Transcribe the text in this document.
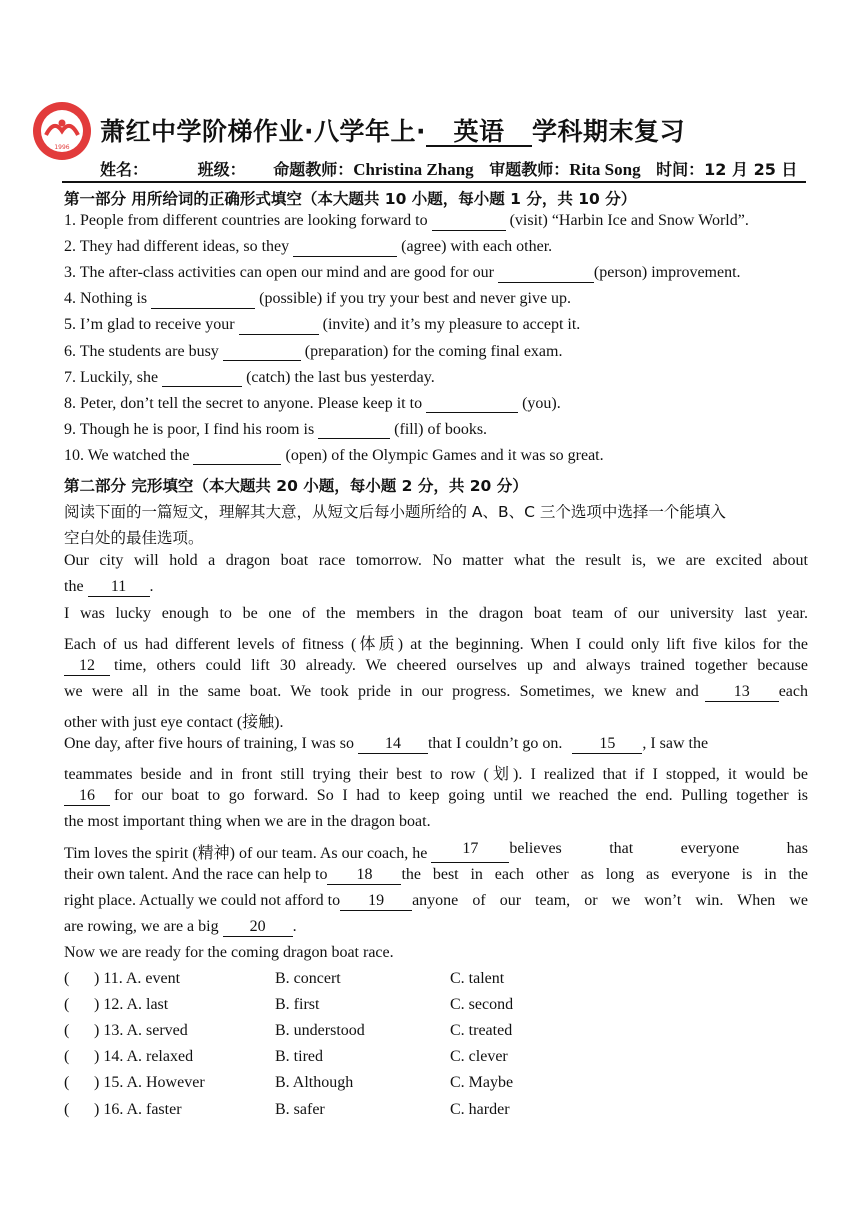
1996
萧红中学阶梯作业·八学年上· 英语 学科期末复习
姓名：	班级： 命题教师：Christina Zhang 审题教师：Rita Song 时间：12 月 25 日
第一部分 用所给词的正确形式填空（本大题共 10 小题，每小题 1 分，共 10 分）
1. People from different countries are looking forward to	(visit) “Harbin Ice and Snow World”.
2. They had different ideas, so they	(agree) with each other.
3. The after-class activities can open our mind and are good for our	(person) improvement.
4. Nothing is	(possible) if you try your best and never give up.
5. I’m glad to receive your	(invite) and it’s my pleasure to accept it.
6. The students are busy	(preparation) for the coming final exam.
7. Luckily, she	(catch) the last bus yesterday.
8. Peter, don’t tell the secret to anyone. Please keep it to	(you).
9. Though he is poor, I find his room is	(fill) of books.
10. We watched the	(open) of the Olympic Games and it was so great.
第二部分 完形填空（本大题共 20 小题，每小题 2 分，共 20 分）
阅读下面的一篇短文，理解其大意，从短文后每小题所给的 A、B、C 三个选项中选择一个能填入
空白处的最佳选项。
Our city will hold a dragon boat race tomorrow. No matter what the result is, we are excited about
the 11 .
I was lucky enough to be one of the members in the dragon boat team of our university last year.
Each of us had different levels of fitness (体质) at the beginning. When I could only lift five kilos for the
12	time, others could lift 30 already. We cheered ourselves up and always trained together because
we were all in the same boat. We took pride in our progress. Sometimes, we knew and	13	each
other with just eye contact (接触).
One day, after five hours of training, I was so 14 that I couldn’t go on. 15 , I saw the
teammates beside and in front still trying their best to row (划). I realized that if I stopped, it would be
16	for our boat to go forward. So I had to keep going until we reached the end. Pulling together is
the most important thing when we are in the dragon boat.
Tim loves the spirit (精神) of our team. As our coach, he	17	believes that everyone has
their own talent. And the race can help to	18	the best in each other as long as everyone is in the
right place. Actually we could not afford to	19	anyone of our team, or we won’t win. When we
are rowing, we are a big 20 .
Now we are ready for the coming dragon boat race.
( ) 11. A. event	B. concert	C. talent
( ) 12. A. last	B. first	C. second
( ) 13. A. served	B. understood	C. treated
( ) 14. A. relaxed	B. tired	C. clever
( ) 15. A. However	B. Although	C. Maybe
( ) 16. A. faster	B. safer	C. harder
